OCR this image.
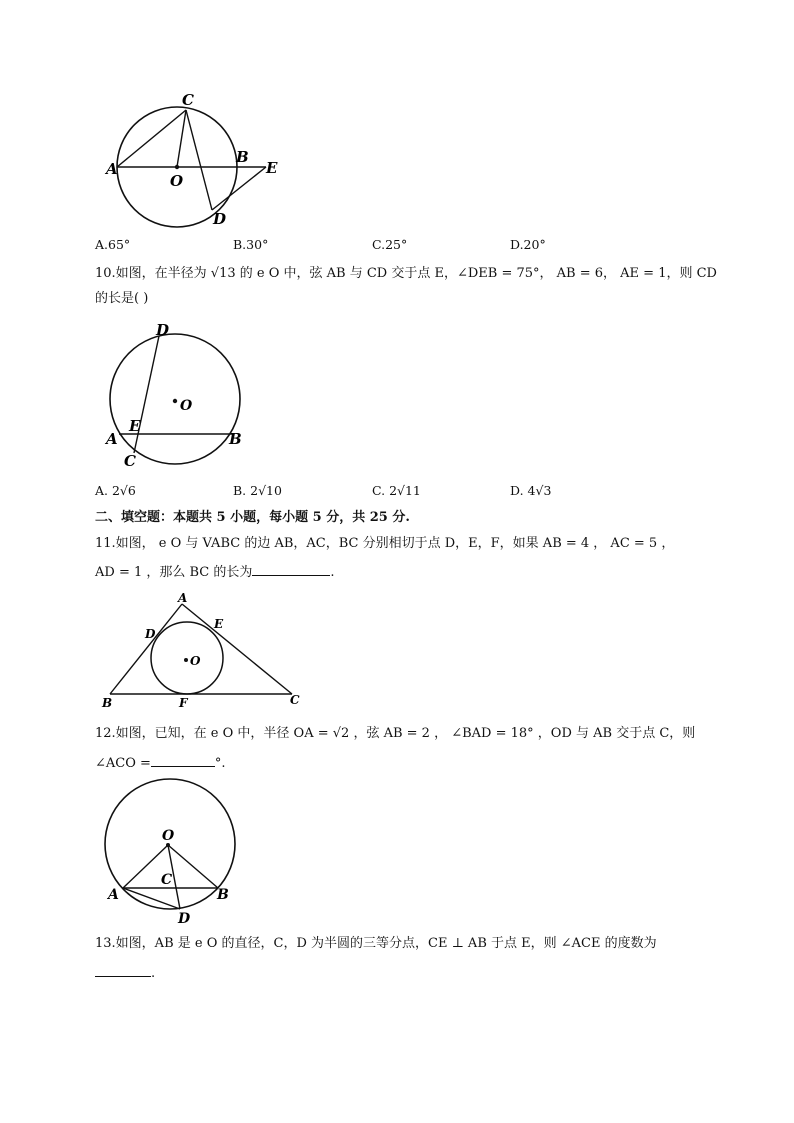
C
A
O
B
E
D
A.65°	B.30°	C.25°	D.20°
10.如图，在半径为 √13 的 e O 中，弦 AB 与 CD 交于点 E，∠DEB = 75°， AB = 6， AE = 1，则 CD
的长是( )
D
O
E
A	B
C
A. 2√6	B. 2√10	C. 2√11	D. 4√3
二、填空题：本题共 5 小题，每小题 5 分，共 25 分.
11.如图， e O 与 VABC 的边 AB，AC，BC 分别相切于点 D，E，F，如果 AB = 4 ， AC = 5 ，
AD = 1 ，那么 BC 的长为	.
A
D
E
O
B	F	C
12.如图，已知，在 e O 中，半径 OA = √2 ，弦 AB = 2 ， ∠BAD = 18° ，OD 与 AB 交于点 C，则
∠ACO =	°.
O
C
A	B
D
13.如图，AB 是 e O 的直径，C，D 为半圆的三等分点，CE ⊥ AB 于点 E，则 ∠ACE 的度数为
.
